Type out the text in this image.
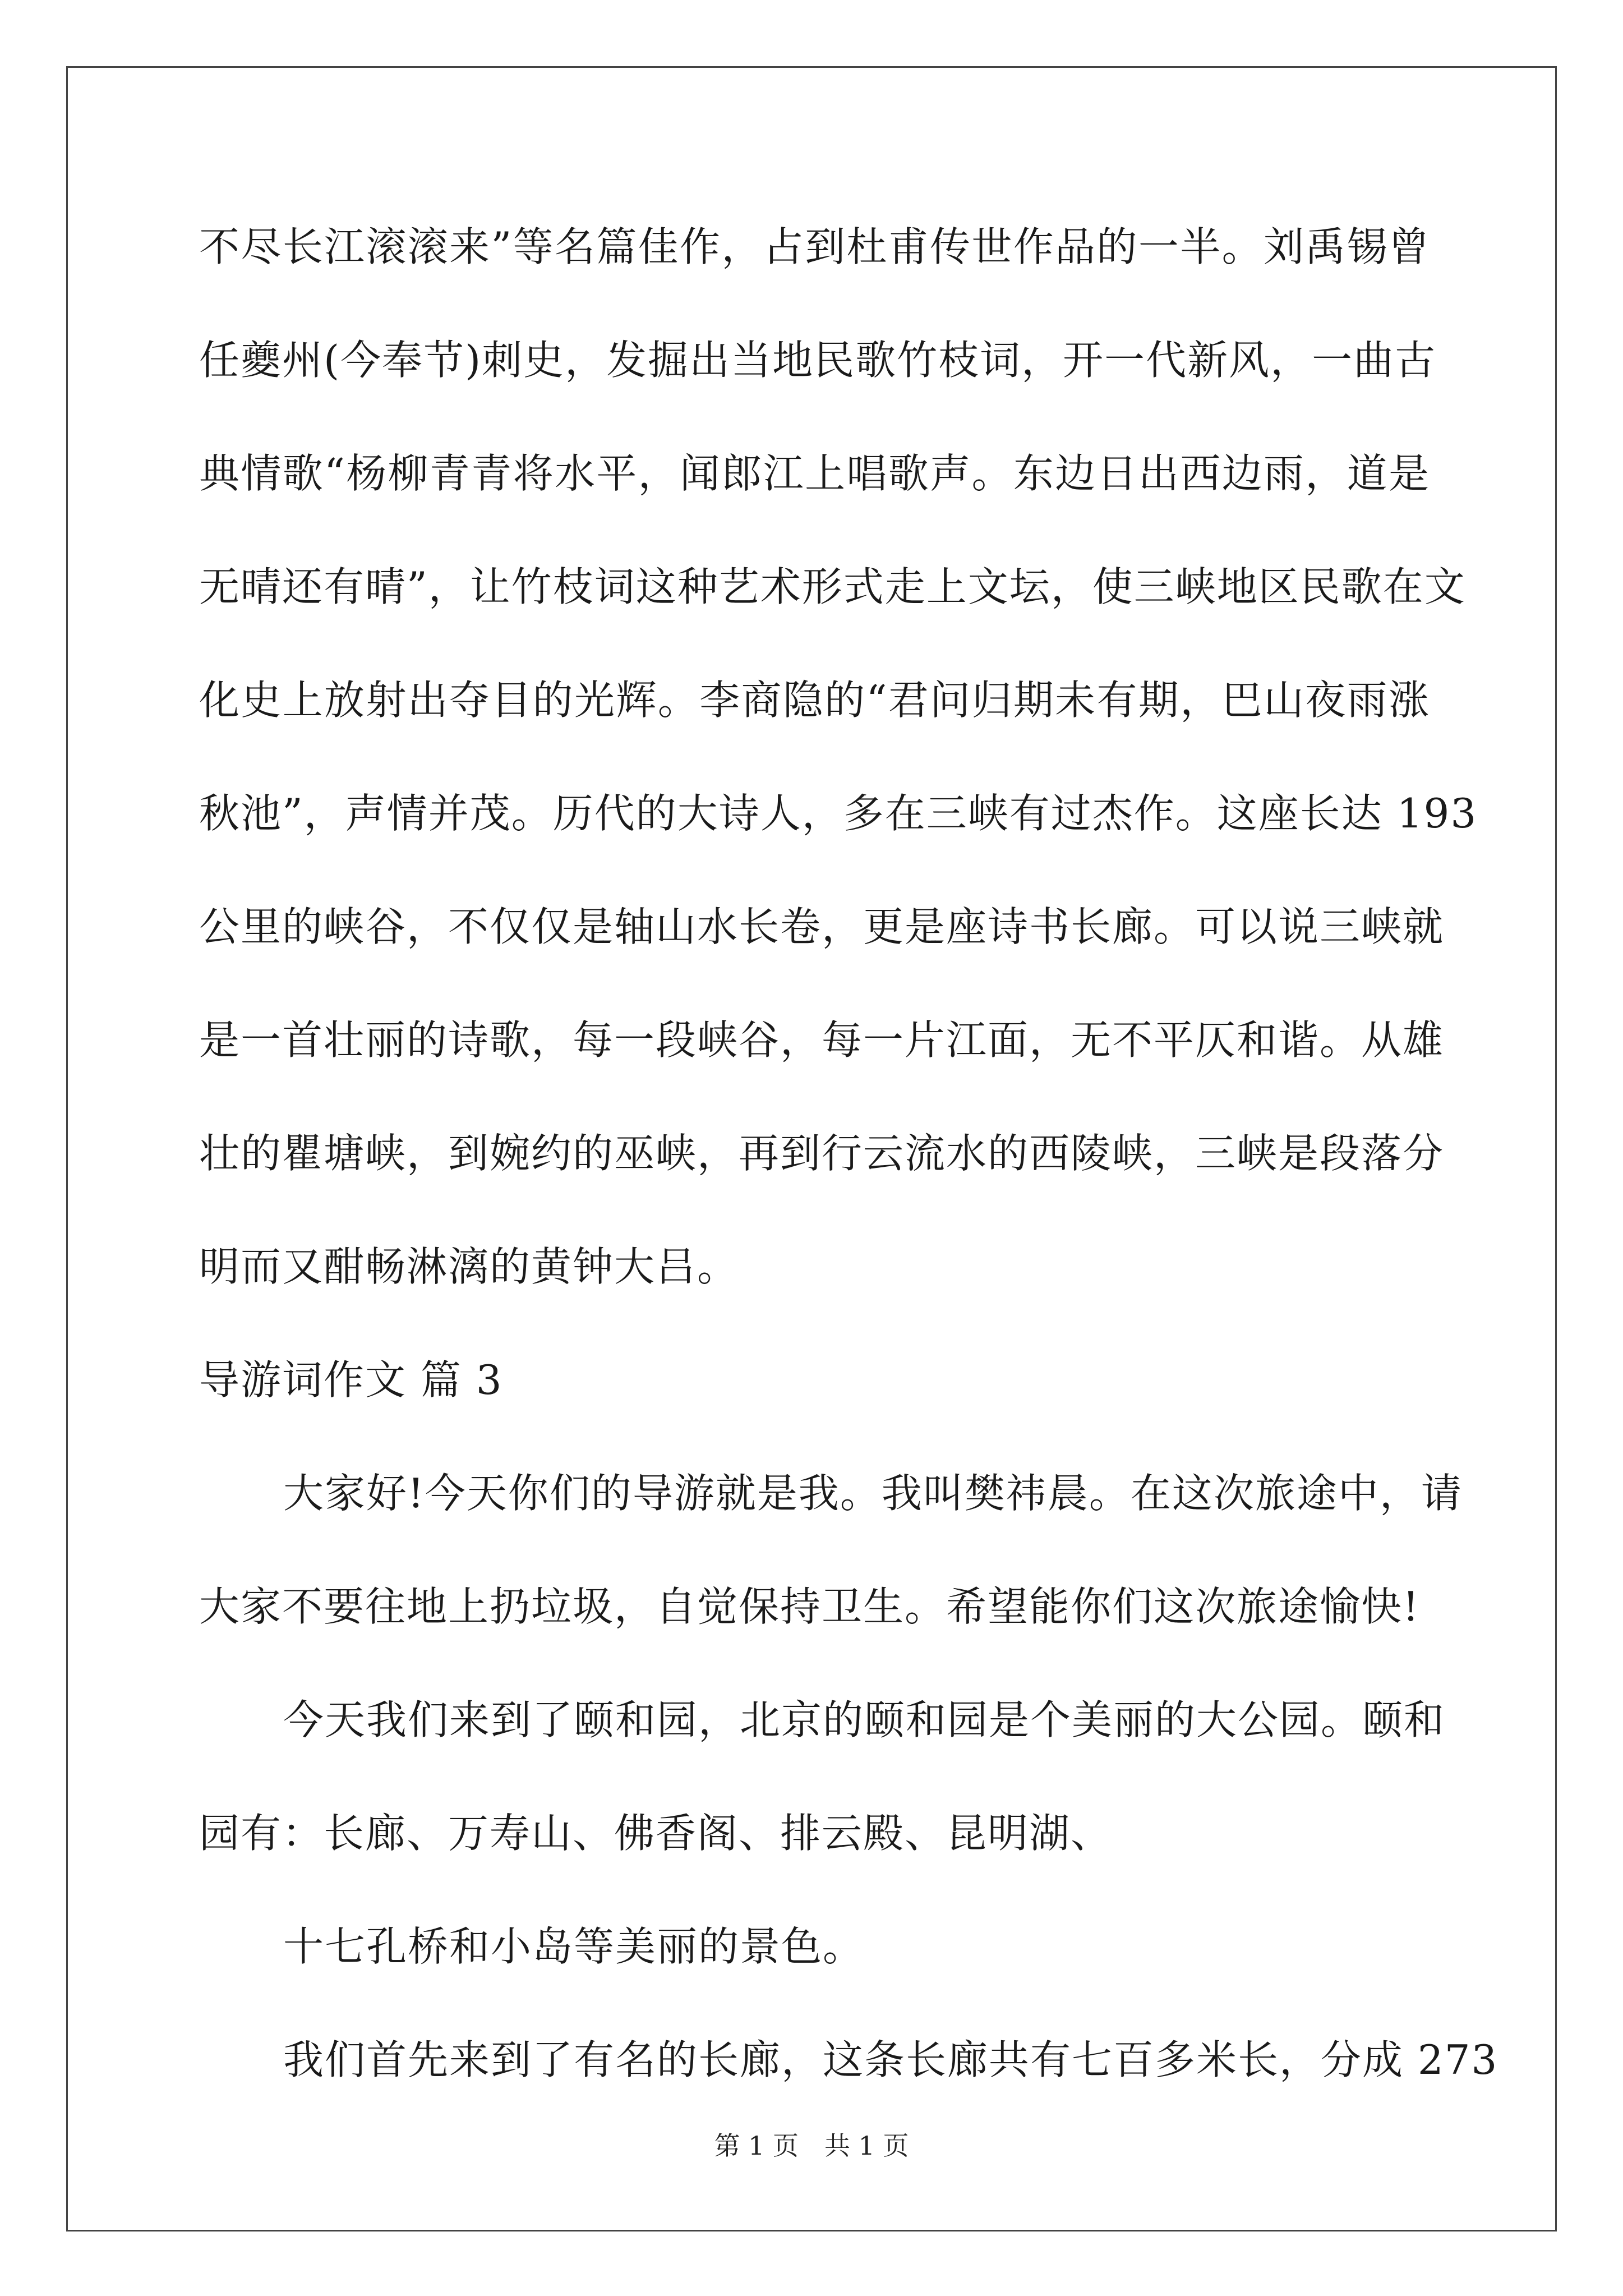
不尽长江滚滚来”等名篇佳作，占到杜甫传世作品的一半。刘禹锡曾
任夔州(今奉节)刺史，发掘出当地民歌竹枝词，开一代新风，一曲古
典情歌“杨柳青青将水平，闻郎江上唱歌声。东边日出西边雨，道是
无晴还有晴”，让竹枝词这种艺术形式走上文坛，使三峡地区民歌在文
化史上放射出夺目的光辉。李商隐的“君问归期未有期，巴山夜雨涨
秋池”，声情并茂。历代的大诗人，多在三峡有过杰作。这座长达 193
公里的峡谷，不仅仅是轴山水长卷，更是座诗书长廊。可以说三峡就
是一首壮丽的诗歌，每一段峡谷，每一片江面，无不平仄和谐。从雄
壮的瞿塘峡，到婉约的巫峡，再到行云流水的西陵峡，三峡是段落分
明而又酣畅淋漓的黄钟大吕。
导游词作文 篇 3
大家好!今天你们的导游就是我。我叫樊祎晨。在这次旅途中，请
大家不要往地上扔垃圾，自觉保持卫生。希望能你们这次旅途愉快!
今天我们来到了颐和园，北京的颐和园是个美丽的大公园。颐和
园有：长廊、万寿山、佛香阁、排云殿、昆明湖、
十七孔桥和小岛等美丽的景色。
我们首先来到了有名的长廊，这条长廊共有七百多米长，分成 273
第 1 页　共 1 页
